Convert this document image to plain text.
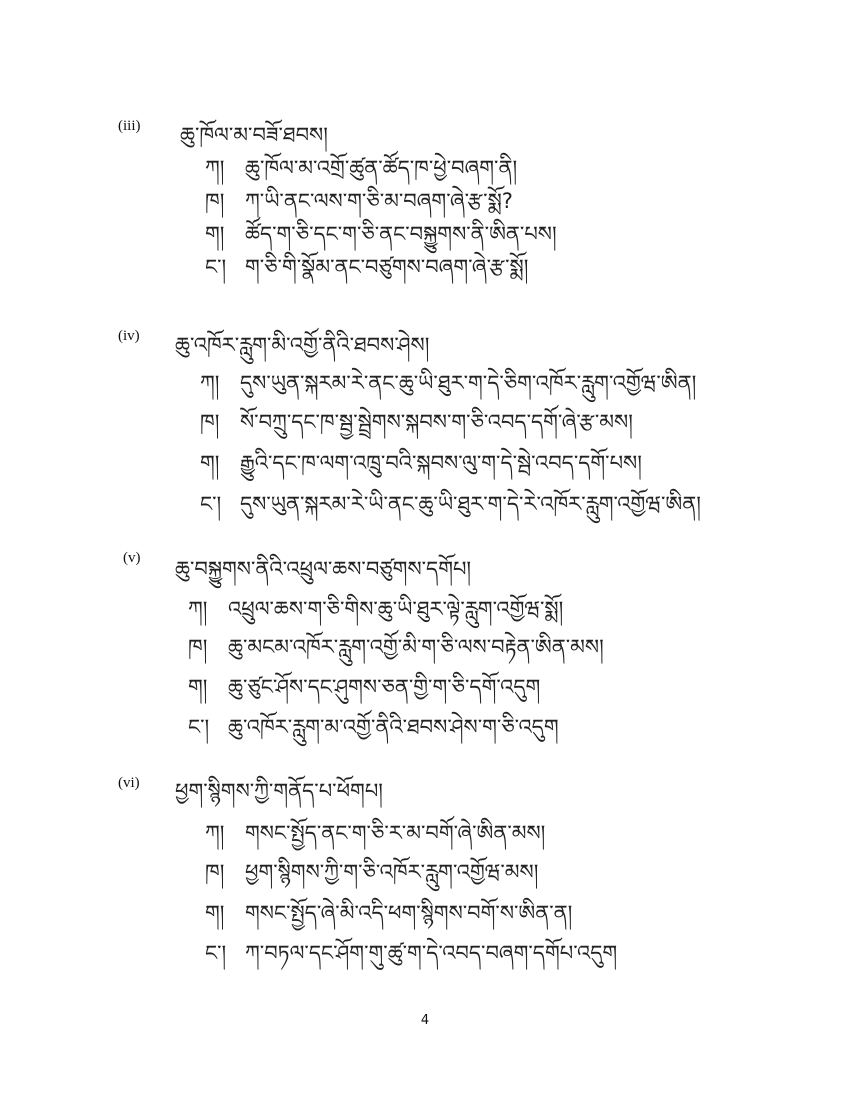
(iii) ཆུ་ཁོལ་མ་བཟོ་ཐབས།
ཀ། ཆུ་ཁོལ་མ་འགྲོ་ཚུན་ཚོད་ཁ་ཕྱེ་བཞག་ནི།
ཁ། ཀ་ཡི་ནང་ལས་ག་ཅི་མ་བཞག་ཞེ་རྩ་སྨོ?
ག། ཚོད་ག་ཅི་དང་ག་ཅི་ནང་བསྐྱུགས་ནི་ཨིན་པས།
ང་། ག་ཅི་གི་སྣོམ་ནང་བཙུགས་བཞག་ཞེ་རྩ་སྨོ།
(iv) ཆུ་འཁོར་རླུག་མི་འགྱོ་ནིའི་ཐབས་ཤེས།
ཀ། དུས་ཡུན་སྐརམ་རེ་ནང་ཆུ་ཡི་ཐུར་ག་དེ་ཅིག་འཁོར་རླུག་འགྱོཝ་ཨིན།
ཁ། སོ་བཀྲུ་དང་ཁ་སྦྱ་སྦྲེགས་སྐབས་ག་ཅི་འབད་དགོ་ཞེ་རྩ་མས།
ག། རྒྱུའི་དང་ཁ་ལག་འཁྲུ་བའི་སྐབས་ལུ་ག་དེ་སྦེ་འབད་དགོ་པས།
ང་། དུས་ཡུན་སྐརམ་རེ་ཡི་ནང་ཆུ་ཡི་ཐུར་ག་དེ་རེ་འཁོར་རླུག་འགྱོཝ་ཨིན།
(v) ཆུ་བསྐྱུགས་ནིའི་འཕྲུལ་ཆས་བཙུགས་དགོཔ།
ཀ། འཕྲུལ་ཆས་ག་ཅི་གིས་ཆུ་ཡི་ཐུར་ལྟེ་རླུག་འགྱོཝ་སྨོ།
ཁ། ཆུ་མངམ་འཁོར་རླུག་འགྱོ་མི་ག་ཅི་ལས་བརྟེན་ཨིན་མས།
ག། ཆུ་ཙུང་ཤོས་དང་ཤུགས་ཅན་གྱི་ག་ཅི་དགོ་འདུག
ང་། ཆུ་འཁོར་རླུག་མ་འགྱོ་ནིའི་ཐབས་ཤེས་ག་ཅི་འདུག
(vi) ཕྱག་སྙིགས་ཀྱི་གནོད་པ་ཕོགཔ།
ཀ། གསང་སྤྱོད་ནང་ག་ཅི་ར་མ་བགོ་ཞེ་ཨིན་མས།
ཁ། ཕྱག་སྙིགས་ཀྱི་ག་ཅི་འཁོར་རླུག་འགྱོཝ་མས།
ག། གསང་སྤྱོད་ཞེ་མི་འདི་ཕག་སྙིགས་བགོ་ས་ཨིན་ན།
ང་། ཀ་བཏལ་དང་ཤོག་གུ་ཚུ་ག་དེ་འབད་བཞག་དགོཔ་འདུག
4
